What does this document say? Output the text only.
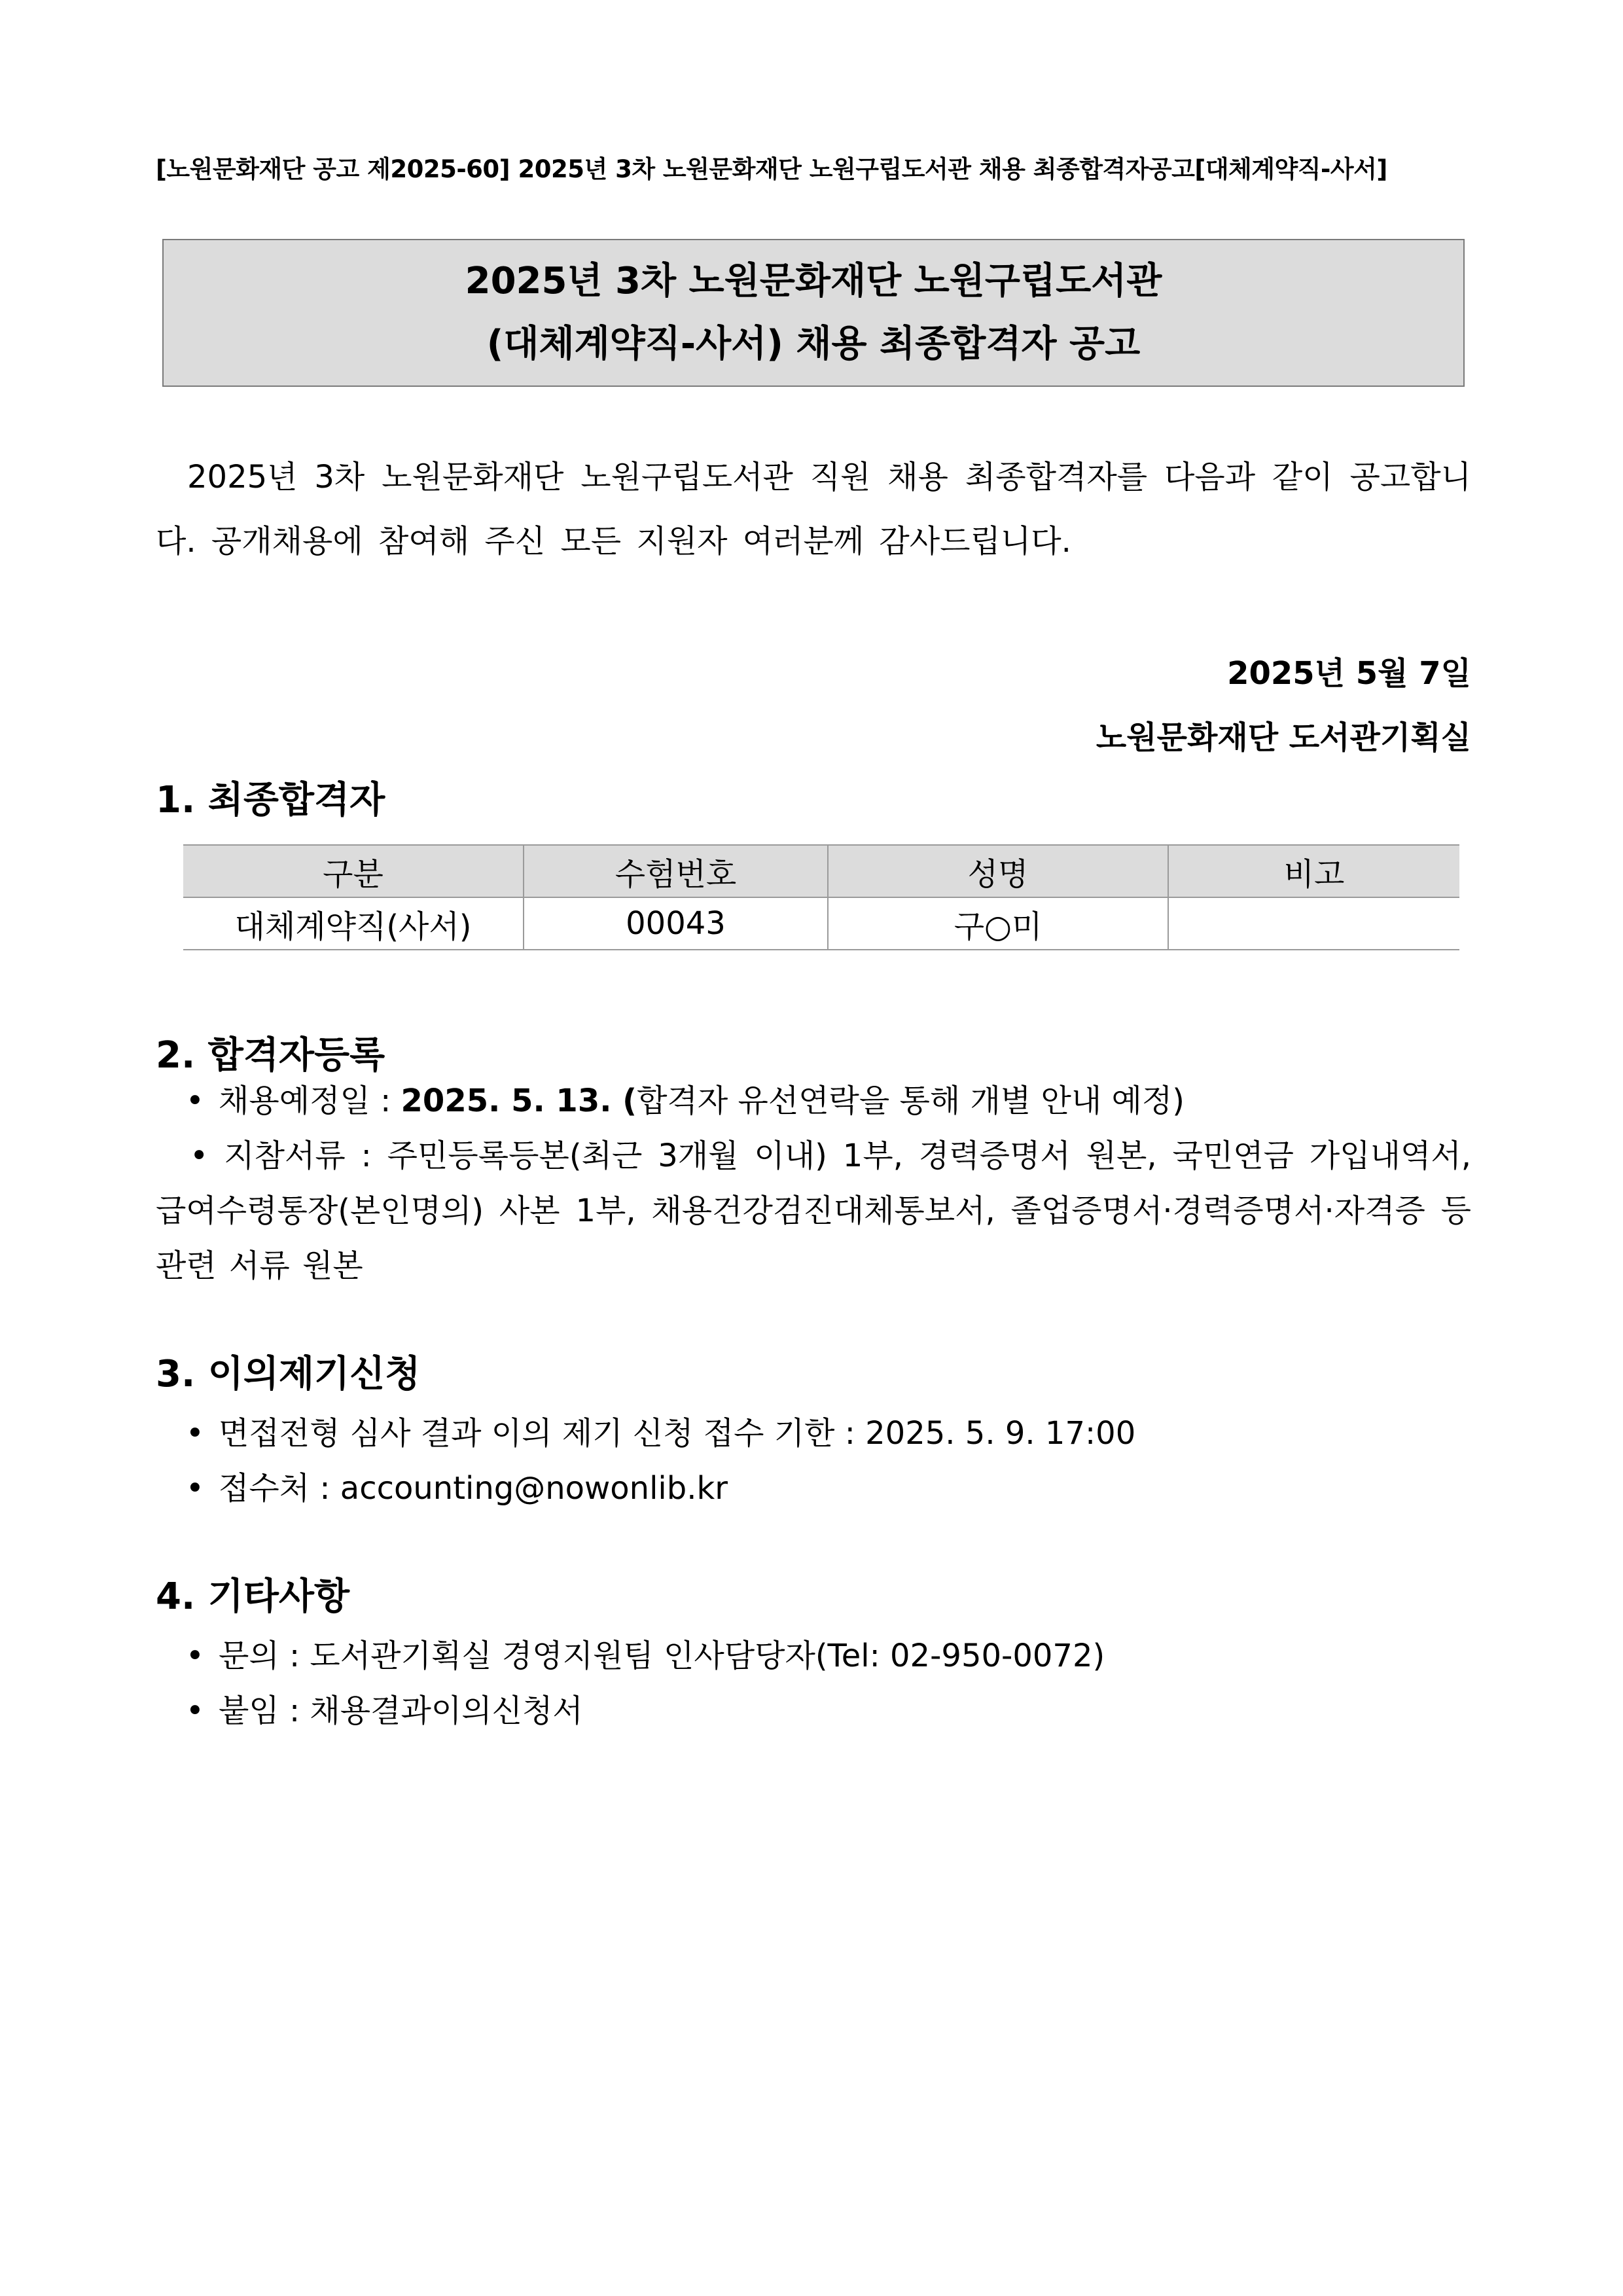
[노원문화재단 공고 제2025-60] 2025년 3차 노원문화재단 노원구립도서관 채용 최종합격자공고[대체계약직-사서]
2025년 3차 노원문화재단 노원구립도서관
(대체계약직-사서) 채용 최종합격자 공고
2025년 3차 노원문화재단 노원구립도서관 직원 채용 최종합격자를 다음과 같이 공고합니다. 공개채용에 참여해 주신 모든 지원자 여러분께 감사드립니다.
2025년 5월 7일
노원문화재단 도서관기획실
1. 최종합격자
구분	수험번호	성명	비고
대체계약직(사서)	00043	구○미	
2. 합격자등록
• 채용예정일 : 2025. 5. 13. (합격자 유선연락을 통해 개별 안내 예정)
• 지참서류 : 주민등록등본(최근 3개월 이내) 1부, 경력증명서 원본, 국민연금 가입내역서, 급여수령통장(본인명의) 사본 1부, 채용건강검진대체통보서, 졸업증명서·경력증명서·자격증 등 관련 서류 원본
3. 이의제기신청
• 면접전형 심사 결과 이의 제기 신청 접수 기한 : 2025. 5. 9. 17:00
• 접수처 : accounting@nowonlib.kr
4. 기타사항
• 문의 : 도서관기획실 경영지원팀 인사담당자(Tel: 02-950-0072)
• 붙임 : 채용결과이의신청서
